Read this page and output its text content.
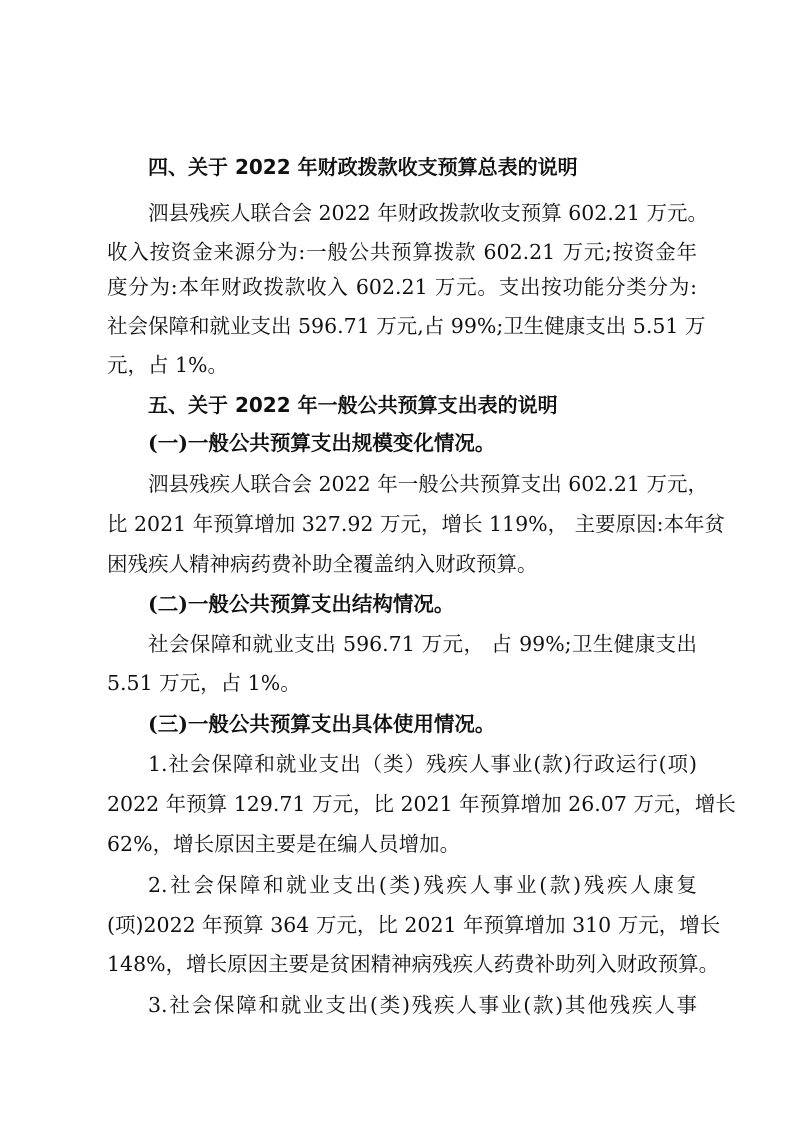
四、关于 2022 年财政拨款收支预算总表的说明
泗县残疾人联合会 2022 年财政拨款收支预算 602.21 万元。
收入按资金来源分为:一般公共预算拨款 602.21 万元;按资金年
度分为:本年财政拨款收入 602.21 万元。支出按功能分类分为:
社会保障和就业支出 596.71 万元,占 99%;卫生健康支出 5.51 万
元，占 1%。
五、关于 2022 年一般公共预算支出表的说明
(一)一般公共预算支出规模变化情况。
泗县残疾人联合会 2022 年一般公共预算支出 602.21 万元，
比 2021 年预算增加 327.92 万元，增长 119%， 主要原因:本年贫
困残疾人精神病药费补助全覆盖纳入财政预算。
(二)一般公共预算支出结构情况。
社会保障和就业支出 596.71 万元， 占 99%;卫生健康支出
5.51 万元，占 1%。
(三)一般公共预算支出具体使用情况。
1.社会保障和就业支出（类）残疾人事业(款)行政运行(项)
2022 年预算 129.71 万元，比 2021 年预算增加 26.07 万元，增长
62%，增长原因主要是在编人员增加。
2.社会保障和就业支出(类)残疾人事业(款)残疾人康复
(项)2022 年预算 364 万元，比 2021 年预算增加 310 万元，增长
148%，增长原因主要是贫困精神病残疾人药费补助列入财政预算。
3.社会保障和就业支出(类)残疾人事业(款)其他残疾人事
